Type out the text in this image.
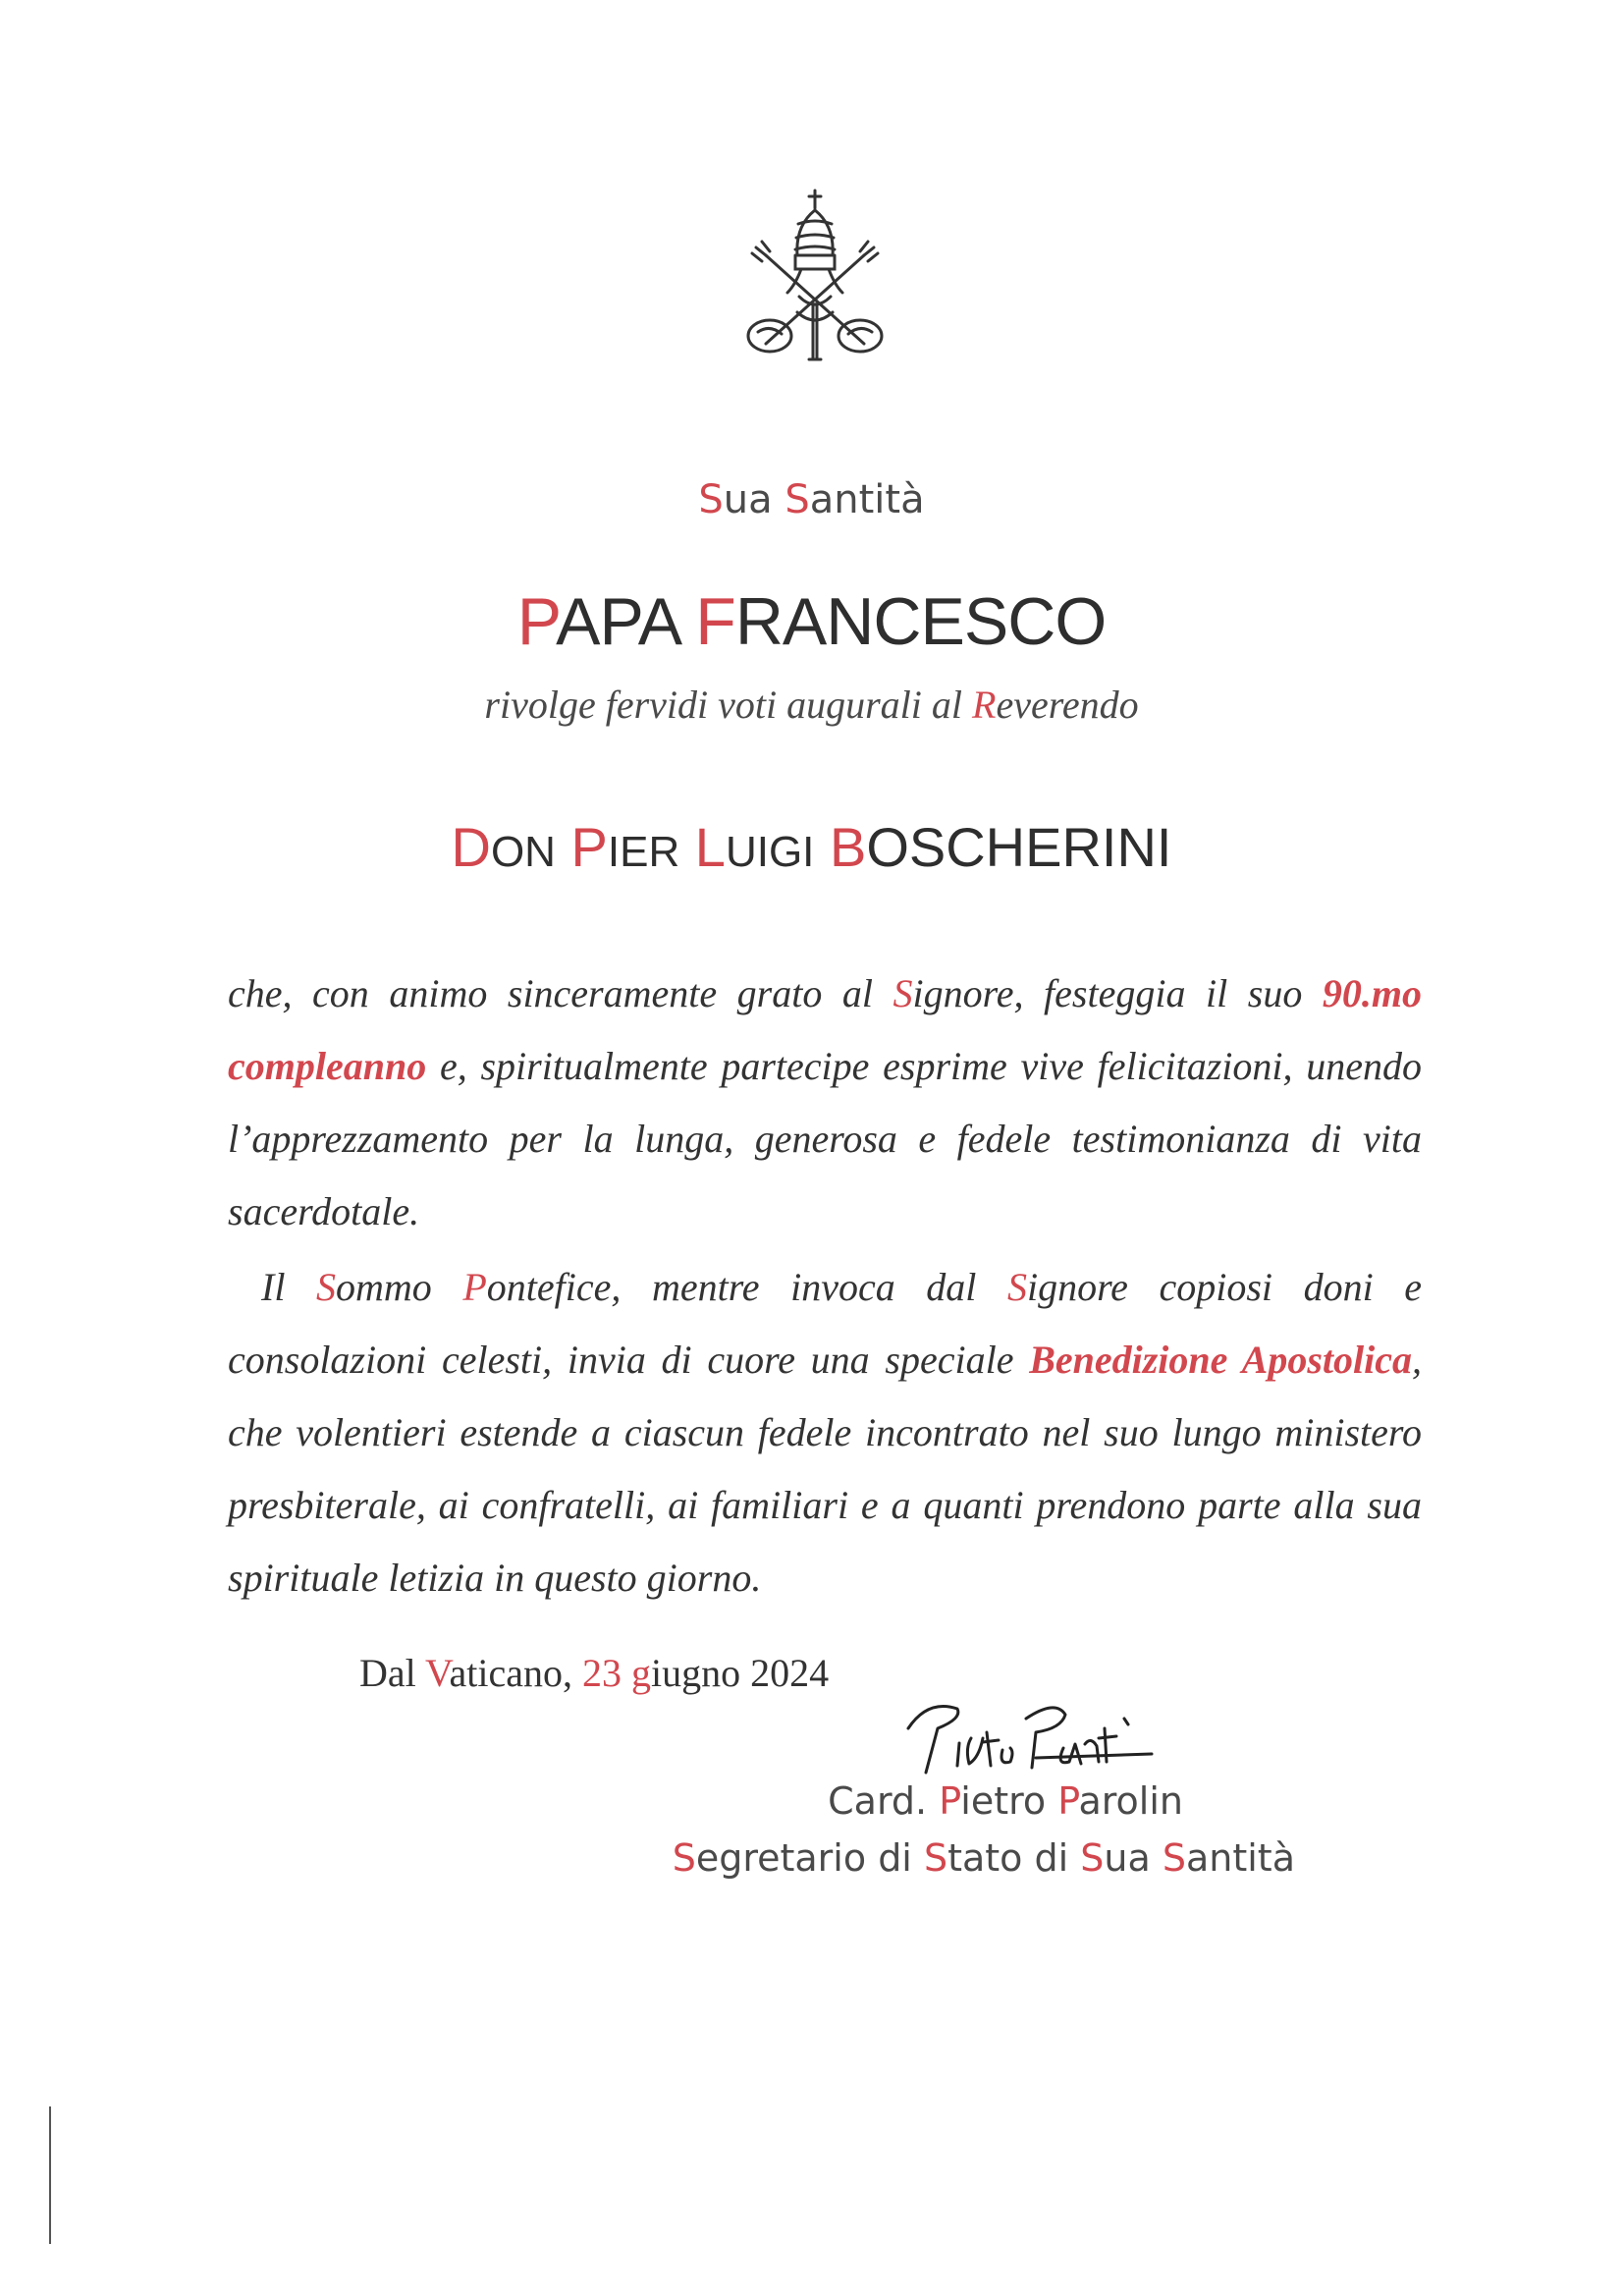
Sua Santità
PAPA FRANCESCO
rivolge fervidi voti augurali al Reverendo
DON PIER LUIGI BOSCHERINI

che, con animo sinceramente grato al Signore, festeggia il suo 90.mo compleanno e, spiritualmente partecipe esprime vive felicitazioni, unendo l’apprezzamento per la lunga, generosa e fedele testimonianza di vita sacerdotale.

Il Sommo Pontefice, mentre invoca dal Signore copiosi doni e consolazioni celesti, invia di cuore una speciale Benedizione Apostolica, che volentieri estende a ciascun fedele incontrato nel suo lungo ministero presbiterale, ai confratelli, ai familiari e a quanti prendono parte alla sua spirituale letizia in questo giorno.

Dal Vaticano, 23 giugno 2024
Card. Pietro Parolin
Segretario di Stato di Sua Santità
